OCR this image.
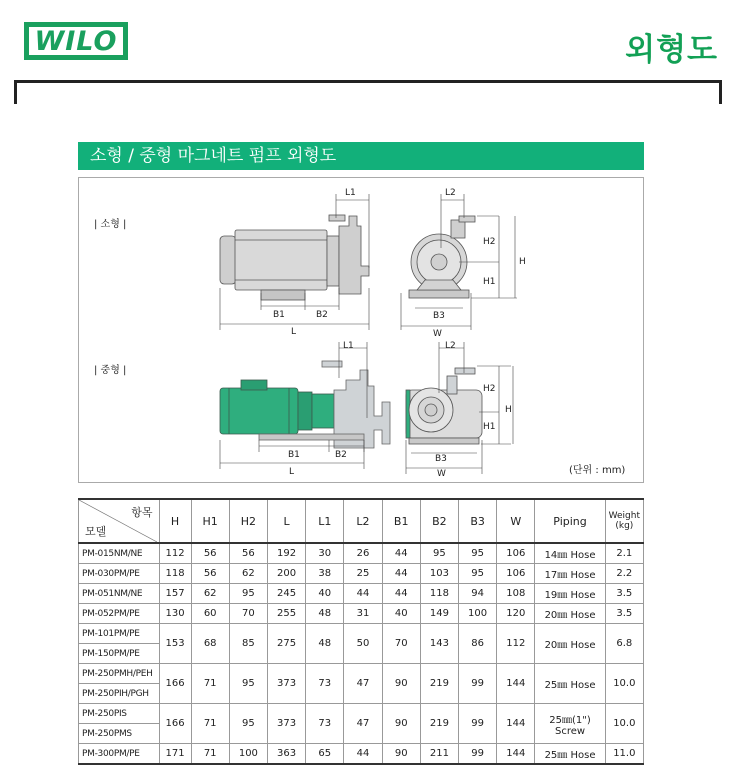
WILO	외형도
소형 / 중형 마그네트 펌프 외형도
| 소형 |
| 중형 |
(단위 : mm)
L1
B1	B2
L
L2
H2
H
H1
B3
W
L1
B1	B2
L
L2
H2
H
H1
B3
W
항목
모델	H	H1	H2	L	L1	L2	B1	B2	B3	W	Piping	Weight (kg)
PM-015NM/NE	112	56	56	192	30	26	44	95	95	106	14㎜ Hose	2.1
PM-030PM/PE	118	56	62	200	38	25	44	103	95	106	17㎜ Hose	2.2
PM-051NM/NE	157	62	95	245	40	44	44	118	94	108	19㎜ Hose	3.5
PM-052PM/PE	130	60	70	255	48	31	40	149	100	120	20㎜ Hose	3.5
PM-101PM/PE	153	68	85	275	48	50	70	143	86	112	20㎜ Hose	6.8
PM-150PM/PE												
PM-250PMH/PEH	166	71	95	373	73	47	90	219	99	144	25㎜ Hose	10.0
PM-250PIH/PGH												
PM-250PIS	166	71	95	373	73	47	90	219	99	144	25㎜(1")
Screw	10.0
PM-250PMS												
PM-300PM/PE	171	71	100	363	65	44	90	211	99	144	25㎜ Hose	11.0
